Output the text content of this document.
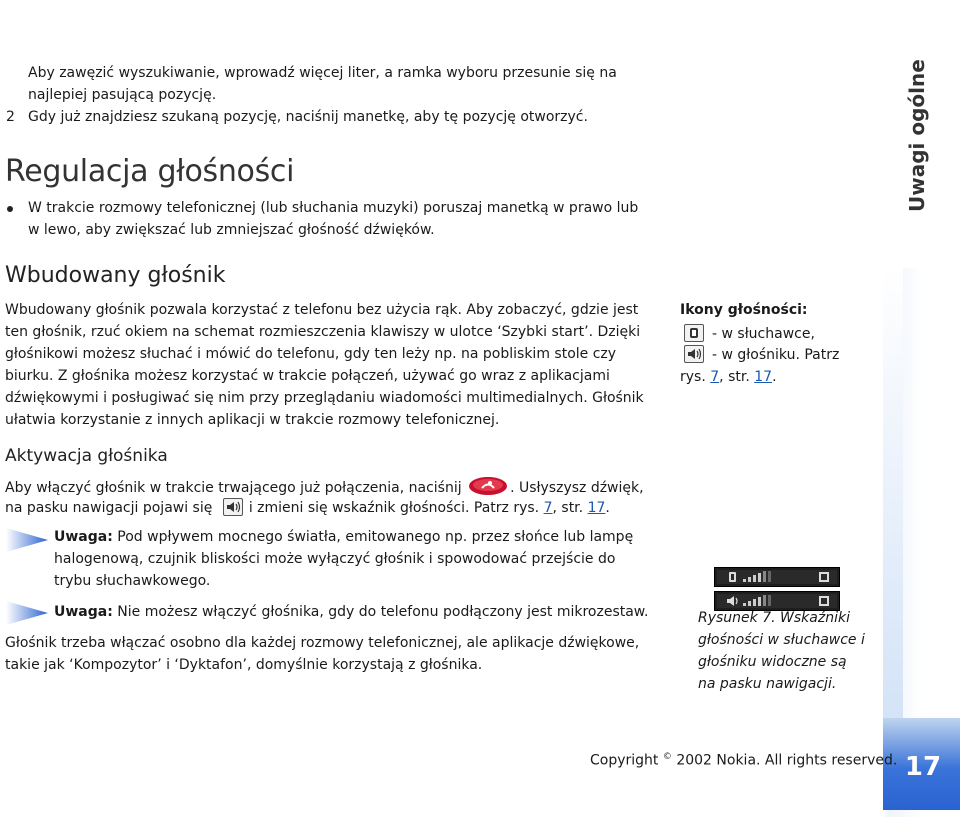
Uwagi ogólne
17
Aby zawęzić wyszukiwanie, wprowadź więcej liter, a ramka wyboru przesunie się na
najlepiej pasującą pozycję.
2 Gdy już znajdziesz szukaną pozycję, naciśnij manetkę, aby tę pozycję otworzyć.
Regulacja głośności
W trakcie rozmowy telefonicznej (lub słuchania muzyki) poruszaj manetką w prawo lub
w lewo, aby zwiększać lub zmniejszać głośność dźwięków.
Wbudowany głośnik
Wbudowany głośnik pozwala korzystać z telefonu bez użycia rąk. Aby zobaczyć, gdzie jest
ten głośnik, rzuć okiem na schemat rozmieszczenia klawiszy w ulotce ‘Szybki start’. Dzięki
głośnikowi możesz słuchać i mówić do telefonu, gdy ten leży np. na pobliskim stole czy
biurku. Z głośnika możesz korzystać w trakcie połączeń, używać go wraz z aplikacjami
dźwiękowymi i posługiwać się nim przy przeglądaniu wiadomości multimedialnych. Głośnik
ułatwia korzystanie z innych aplikacji w trakcie rozmowy telefonicznej.
Aktywacja głośnika
Aby włączyć głośnik w trakcie trwającego już połączenia, naciśnij	. Usłyszysz dźwięk,
na pasku nawigacji pojawi się	i zmieni się wskaźnik głośności. Patrz rys. 7, str. 17.
Uwaga: Pod wpływem mocnego światła, emitowanego np. przez słońce lub lampę
halogenową, czujnik bliskości może wyłączyć głośnik i spowodować przejście do
trybu słuchawkowego.
Uwaga: Nie możesz włączyć głośnika, gdy do telefonu podłączony jest mikrozestaw.
Głośnik trzeba włączać osobno dla każdej rozmowy telefonicznej, ale aplikacje dźwiękowe,
takie jak ‘Kompozytor’ i ‘Dyktafon’, domyślnie korzystają z głośnika.
Ikony głośności:
- w słuchawce,
- w głośniku. Patrz
rys. 7, str. 17.
Rysunek 7. Wskaźniki
głośności w słuchawce i
głośniku widoczne są
na pasku nawigacji.
Copyright © 2002 Nokia. All rights reserved.
